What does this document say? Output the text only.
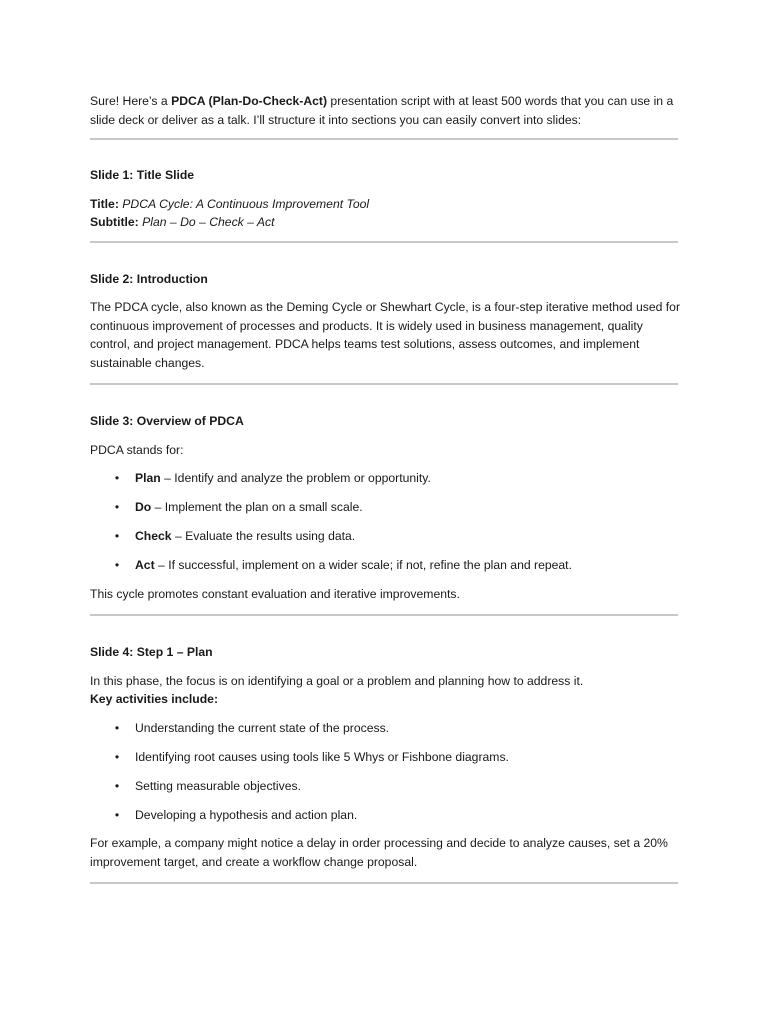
Sure! Here’s a PDCA (Plan-Do-Check-Act) presentation script with at least 500 words that you can use in a slide deck or deliver as a talk. I’ll structure it into sections you can easily convert into slides:

Slide 1: Title Slide

Title: PDCA Cycle: A Continuous Improvement Tool

Subtitle: Plan – Do – Check – Act

Slide 2: Introduction

The PDCA cycle, also known as the Deming Cycle or Shewhart Cycle, is a four-step iterative method used for continuous improvement of processes and products. It is widely used in business management, quality control, and project management. PDCA helps teams test solutions, assess outcomes, and implement sustainable changes.

Slide 3: Overview of PDCA

PDCA stands for:

• Plan – Identify and analyze the problem or opportunity.
• Do – Implement the plan on a small scale.
• Check – Evaluate the results using data.
• Act – If successful, implement on a wider scale; if not, refine the plan and repeat.

This cycle promotes constant evaluation and iterative improvements.

Slide 4: Step 1 – Plan

In this phase, the focus is on identifying a goal or a problem and planning how to address it.

Key activities include:

• Understanding the current state of the process.
• Identifying root causes using tools like 5 Whys or Fishbone diagrams.
• Setting measurable objectives.
• Developing a hypothesis and action plan.

For example, a company might notice a delay in order processing and decide to analyze causes, set a 20% improvement target, and create a workflow change proposal.
